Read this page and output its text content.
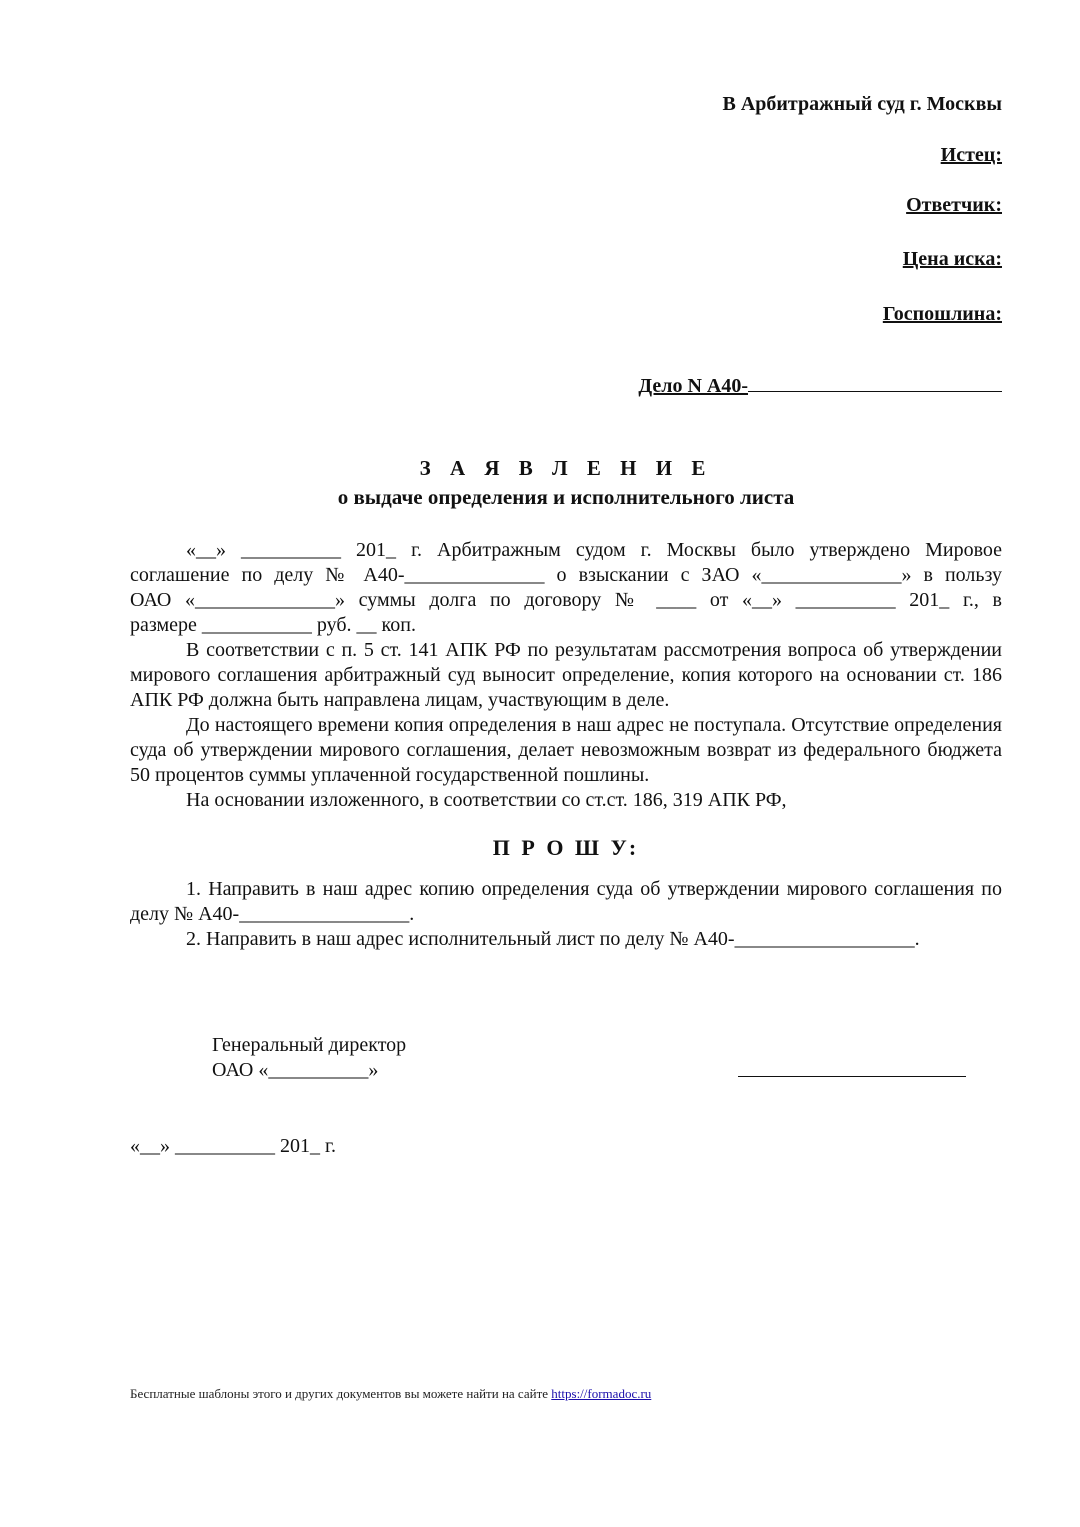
В Арбитражный суд г. Москвы
Истец:
Ответчик:
Цена иска:
Госпошлина:
Дело N А40-
З А Я В Л Е Н И Е
о выдаче определения и исполнительного листа

«__» __________ 201_ г. Арбитражным судом г. Москвы было утверждено Мировое

соглашение по делу № А40-______________ о взыскании с ЗАО «______________» в пользу

ОАО «______________» суммы долга по договору № ____ от «__» __________ 201_ г., в

размере ___________ руб. __ коп.

В соответствии с п. 5 ст. 141 АПК РФ по результатам рассмотрения вопроса об утверждении мирового соглашения арбитражный суд выносит определение, копия которого на основании ст. 186 АПК РФ должна быть направлена лицам, участвующим в деле.

До настоящего времени копия определения в наш адрес не поступала. Отсутствие определения суда об утверждении мирового соглашения, делает невозможным возврат из федерального бюджета 50 процентов суммы уплаченной государственной пошлины.

На основании изложенного, в соответствии со ст.ст. 186, 319 АПК РФ,

П Р О Ш У:

1. Направить в наш адрес копию определения суда об утверждении мирового соглашения по делу № А40-_________________.

2. Направить в наш адрес исполнительный лист по делу № А40-__________________.

Генеральный директор
ОАО «__________»
«__» __________ 201_ г.
Бесплатные шаблоны этого и других документов вы можете найти на сайте https://formadoc.ru
